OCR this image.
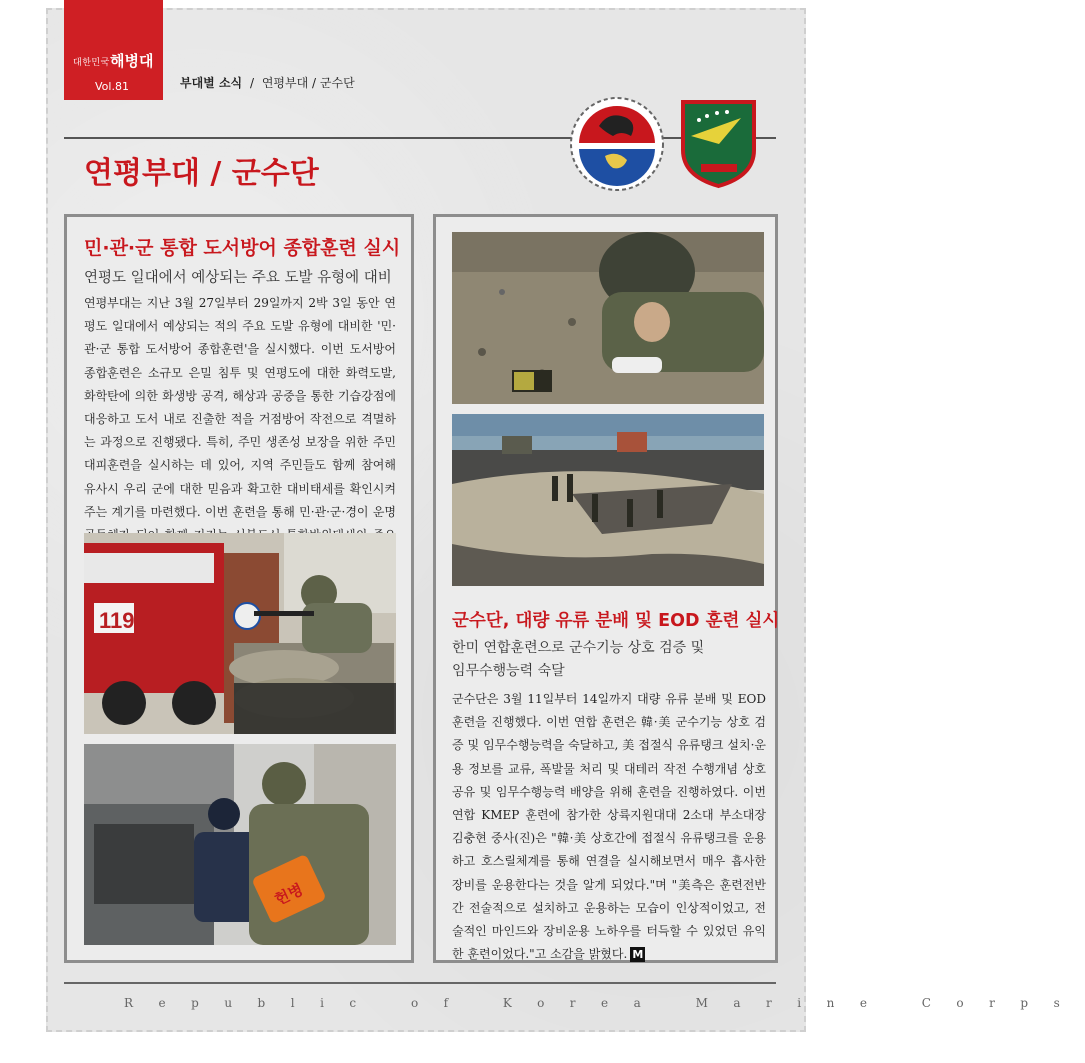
대한민국 해병대
Vol.81	부대별 소식 / 연평부대 / 군수단
연평부대 / 군수단
민·관·군 통합 도서방어 종합훈련 실시
연평도 일대에서 예상되는 주요 도발 유형에 대비
연평부대는 지난 3월 27일부터 29일까지 2박 3일 동안 연평도 일대에서 예상되는 적의 주요 도발 유형에 대비한 '민·관·군 통합 도서방어 종합훈련'을 실시했다. 이번 도서방어 종합훈련은 소규모 은밀 침투 및 연평도에 대한 화력도발, 화학탄에 의한 화생방 공격, 해상과 공중을 통한 기습강점에 대응하고 도서 내로 진출한 적을 거점방어 작전으로 격멸하는 과정으로 진행됐다. 특히, 주민 생존성 보장을 위한 주민대피훈련을 실시하는 데 있어, 지역 주민들도 함께 참여해 유사시 우리 군에 대한 믿음과 확고한 대비태세를 확인시켜주는 계기를 마련했다. 이번 훈련을 통해 민·관·군·경이 운명
119
헌병
군수단, 대량 유류 분배 및 EOD 훈련 실시
한미 연합훈련으로 군수기능 상호 검증 및
임무수행능력 숙달
군수단은 3월 11일부터 14일까지 대량 유류 분배 및 EOD 훈련을 진행했다. 이번 연합 훈련은 韓·美 군수기능 상호 검증 및 임무수행능력을 숙달하고, 美 접절식 유류탱크 설치·운용 정보를 교류, 폭발물 처리 및 대테러 작전 수행개념 상호공유 및 임무수행능력 배양을 위해 훈련을 진행하였다. 이번 연합 KMEP 훈련에 참가한 상륙지원대대 2소대 부소대장 김충현 중사(진)은 "韓·美 상호간에 접절식 유류탱크를 운용하고 호스릴체계를 통해 연결을 실시해보면서 매우 흡사한 장비를 운용한다는 것을 알게 되었다."며 "美측은 훈련전반 간 전술적으로 설치하고 운용하는 모습이 인상적이었고, 전술적인 마인드와 장비운용 노하우를 터득할 수 있었던 유익한 훈련이었다."고 소감을 밝혔다. M
Republic of Korea Marine Corps
